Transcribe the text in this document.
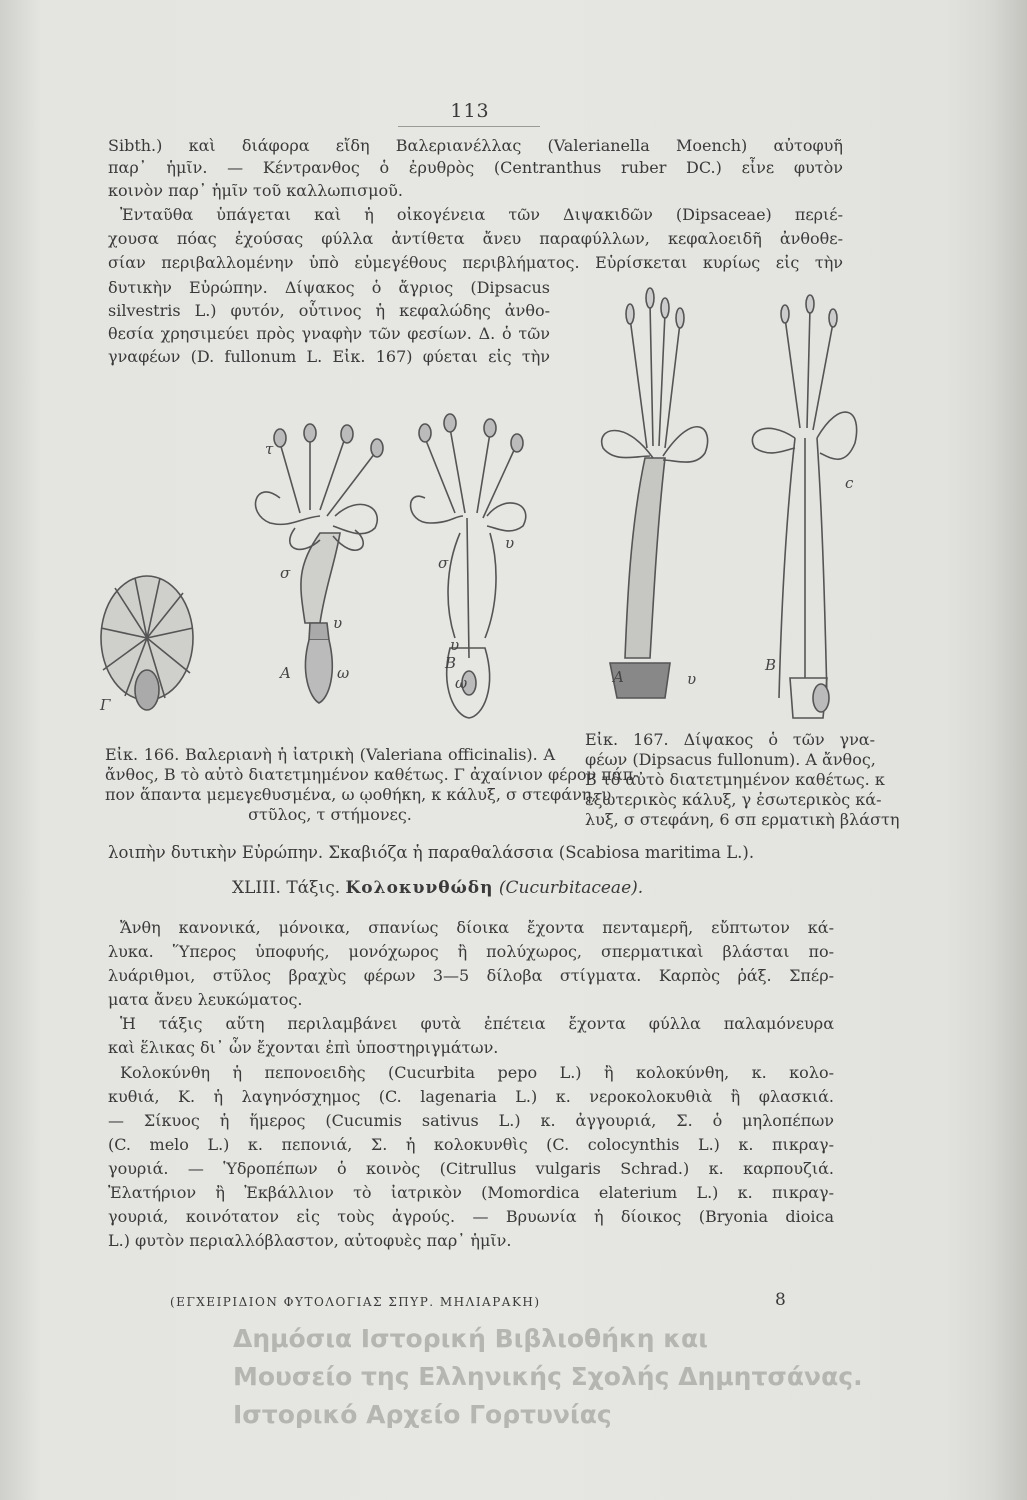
113
Sibth.) καὶ διάφορα εἴδη Βαλεριανέλλας (Valerianella Moench) αὐτοφυῆ
παρ᾽ ἡμῖν. — Κέντρανθος ὁ ἐρυθρὸς (Centranthus ruber DC.) εἶνε φυτὸν
κοινὸν παρ᾽ ἡμῖν τοῦ καλλωπισμοῦ.
Ἐνταῦθα ὑπάγεται καὶ ἡ οἰκογένεια τῶν Διψακιδῶν (Dipsaceae) περιέ-
χουσα πόας ἐχούσας φύλλα ἀντίθετα ἄνευ παραφύλλων, κεφαλοειδῆ ἀνθοθε-
σίαν περιβαλλομένην ὑπὸ εὐμεγέθους περιβλήματος. Εὑρίσκεται κυρίως εἰς τὴν
δυτικὴν Εὐρώπην. Δίψακος ὁ ἄγριος (Dipsacus
silvestris L.) φυτόν, οὗτινος ἡ κεφαλώδης ἀνθο-
θεσία χρησιμεύει πρὸς γναφὴν τῶν φεσίων. Δ. ὁ τῶν
γναφέων (D. fullonum L. Εἰκ. 167) φύεται εἰς τὴν
Γ
A
σ
υ
ω
τ
σ
υ
B
υ
ω	A	υ
B
c
Εἰκ. 166. Βαλεριανὴ ἡ ἰατρικὴ (Valeriana officinalis). A
ἄνθος, B τὸ αὐτὸ διατετμημένον καθέτως. Γ ἀχαίνιον φέρον πάπ-
πον ἅπαντα μεμεγεθυσμένα, ω ῳοθήκη, κ κάλυξ, σ στεφάνη, υ
στῦλος, τ στήμονες.
Εἰκ. 167. Δίψακος ὁ τῶν γνα-
φέων (Dipsacus fullonum). A ἄνθος,
B τὸ αὐτὸ διατετμημένον καθέτως. κ
ἐξωτερικὸς κάλυξ, γ ἐσωτερικὸς κά-
λυξ, σ στεφάνη, 6 σπ ερματικὴ βλάστη
λοιπὴν δυτικὴν Εὐρώπην. Σκαβιόζα ἡ παραθαλάσσια (Scabiosa maritima L.).
XLIII. Τάξις. Κολοκυνθώδη (Cucurbitaceae).
Ἄνθη κανονικά, μόνοικα, σπανίως δίοικα ἔχοντα πενταμερῆ, εὔπτωτον κά-
λυκα. Ὕπερος ὑποφυής, μονόχωρος ἢ πολύχωρος, σπερματικαὶ βλάσται πο-
λυάριθμοι, στῦλος βραχὺς φέρων 3—5 δίλοβα στίγματα. Καρπὸς ῥάξ. Σπέρ-
ματα ἄνευ λευκώματος.
Ἡ τάξις αὕτη περιλαμβάνει φυτὰ ἐπέτεια ἔχοντα φύλλα παλαμόνευρα
καὶ ἕλικας δι᾽ ὧν ἔχονται ἐπὶ ὑποστηριγμάτων.
Κολοκύνθη ἡ πεπονοειδὴς (Cucurbita pepo L.) ἢ κολοκύνθη, κ. κολο-
κυθιά, Κ. ἡ λαγηνόσχημος (C. lagenaria L.) κ. νεροκολοκυθιὰ ἢ φλασκιά.
— Σίκυος ἡ ἥμερος (Cucumis sativus L.) κ. ἀγγουριά, Σ. ὁ μηλοπέπων
(C. melo L.) κ. πεπονιά, Σ. ἡ κολοκυνθὶς (C. colocynthis L.) κ. πικραγ-
γουριά. — Ὑδροπέπων ὁ κοινὸς (Citrullus vulgaris Schrad.) κ. καρπουζιά.
Ἐλατήριον ἢ Ἐκβάλλιον τὸ ἰατρικὸν (Momordica elaterium L.) κ. πικραγ-
γουριά, κοινότατον εἰς τοὺς ἀγρούς. — Βρυωνία ἡ δίοικος (Bryonia dioica
L.) φυτὸν περιαλλόβλαστον, αὐτοφυὲς παρ᾽ ἡμῖν.
(ΕΓΧΕΙΡΙΔΙΟΝ ΦΥΤΟΛΟΓΙΑΣ ΣΠΥΡ. ΜΗΛΙΑΡΑΚΗ)	8
Δημόσια Ιστορική Βιβλιοθήκη και
Μουσείο της Ελληνικής Σχολής Δημητσάνας.
Ιστορικό Αρχείο Γορτυνίας
